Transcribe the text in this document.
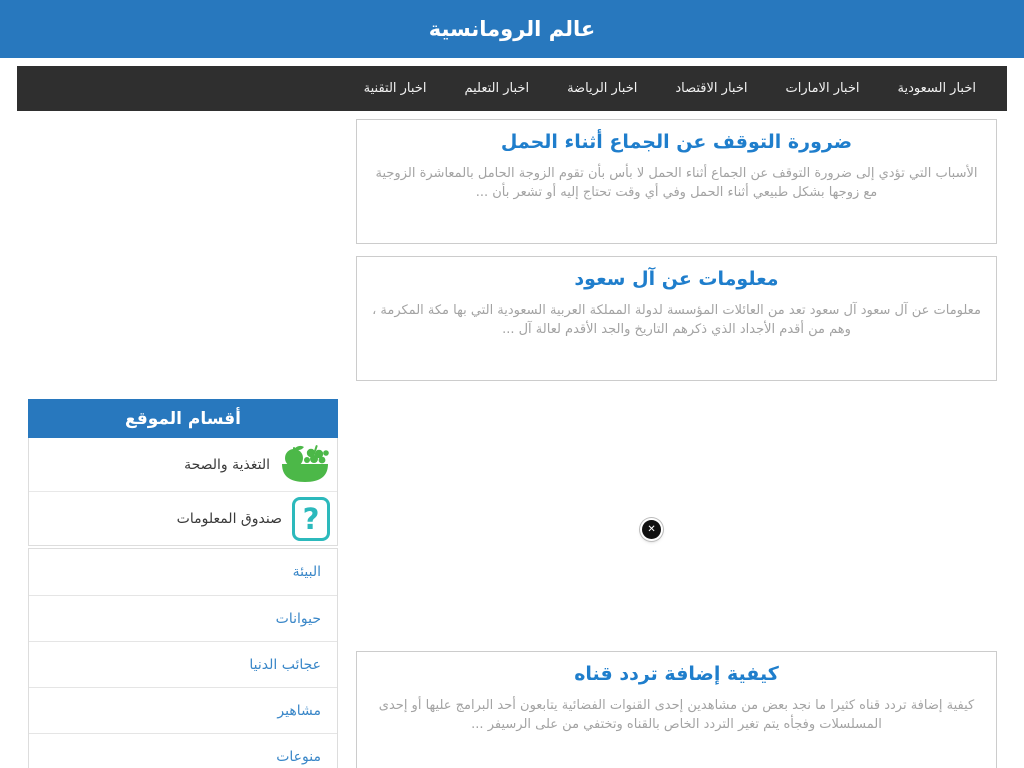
عالم الرومانسية
اخبار السعودية
اخبار الامارات
اخبار الاقتصاد
اخبار الرياضة
اخبار التعليم
اخبار التقنية
ضرورة التوقف عن الجماع أثناء الحمل

الأسباب التي تؤدي إلى ضرورة التوقف عن الجماع أثناء الحمل لا بأس بأن تقوم الزوجة الحامل بالمعاشرة الزوجية مع زوجها بشكل طبيعي أثناء الحمل وفي أي وقت تحتاج إليه أو تشعر بأن ...

معلومات عن آل سعود

معلومات عن آل سعود آل سعود تعد من العائلات المؤسسة لدولة المملكة العربية السعودية التي بها مكة المكرمة ، وهم من أقدم الأجداد الذي ذكرهم التاريخ والجد الأقدم لعالة آل ...

✕
كيفية إضافة تردد قناه

كيفية إضافة تردد قناه كثيرا ما نجد بعض من مشاهدين إحدى القنوات الفضائية يتابعون أحد البرامج عليها أو إحدى المسلسلات وفجأه يتم تغير التردد الخاص بالقناه وتختفي من على الرسيفر ...

أقسام الموقع
التغذية والصحة
?
صندوق المعلومات
البيئة
حيوانات
عجائب الدنيا
مشاهير
منوعات
